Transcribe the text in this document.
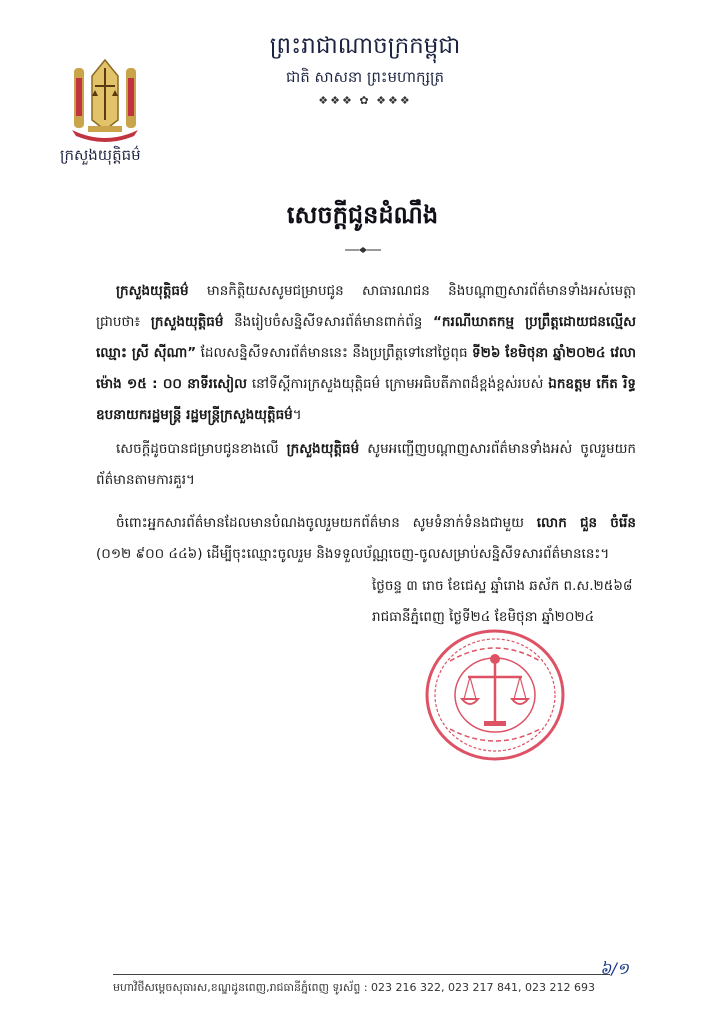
ព្រះរាជាណាចក្រកម្ពុជា
ជាតិ សាសនា ព្រះមហាក្សត្រ
❖❖❖ ✿ ❖❖❖
ក្រសួងយុត្តិធម៌
សេចក្តីជូនដំណឹង
ក្រសួងយុត្តិធម៌ មានកិត្តិយសសូមជម្រាបជូន សាធារណជន និងបណ្តាញសារព័ត៌មានទាំងអស់មេត្តាជ្រាបថា៖ ក្រសួងយុត្តិធម៌ នឹងរៀបចំសន្និសីទសារព័ត៌មានពាក់ព័ន្ធ “ករណីឃាតកម្ម ប្រព្រឹត្តដោយជនល្មើសឈ្មោះ ស្រី ស៊ីណា” ដែលសន្និសីទសារព័ត៌មាននេះ នឹងប្រព្រឹត្តទៅនៅថ្ងៃពុធ ទី២៦ ខែមិថុនា ឆ្នាំ២០២៤ វេលាម៉ោង ១៥ : ០០ នាទីរសៀល នៅទីស្តីការក្រសួងយុត្តិធម៌ ក្រោមអធិបតីភាពដ៏ខ្ពង់ខ្ពស់របស់ ឯកឧត្តម កើត រិទ្ធ ឧបនាយករដ្ឋមន្ត្រី រដ្ឋមន្ត្រីក្រសួងយុត្តិធម៌។
សេចក្តីដូចបានជម្រាបជូនខាងលើ ក្រសួងយុត្តិធម៌ សូមអញ្ជើញបណ្តាញសារព័ត៌មានទាំងអស់ ចូលរួមយកព័ត៌មានតាមការគួរ។
ចំពោះអ្នកសារព័ត៌មានដែលមានបំណងចូលរួមយកព័ត៌មាន សូមទំនាក់ទំនងជាមួយ លោក ជួន ចំរើន (០១២ ៩០០ ៤៤៦) ដើម្បីចុះឈ្មោះចូលរួម និងទទួលប័ណ្ណចេញ-ចូលសម្រាប់សន្និសីទសារព័ត៌មាននេះ។
ថ្ងៃចន្ទ ៣ រោច ខែជេស្ឋ ឆ្នាំរោង ឆស័ក ព.ស.២៥៦៨
រាជធានីភ្នំពេញ ថ្ងៃទី២៤ ខែមិថុនា ឆ្នាំ២០២៤
៦/១
មហាវិថីសម្តេចសុធារស,ខណ្ឌដូនពេញ,រាជធានីភ្នំពេញ ទូរស័ព្ទ : 023 216 322, 023 217 841, 023 212 693
